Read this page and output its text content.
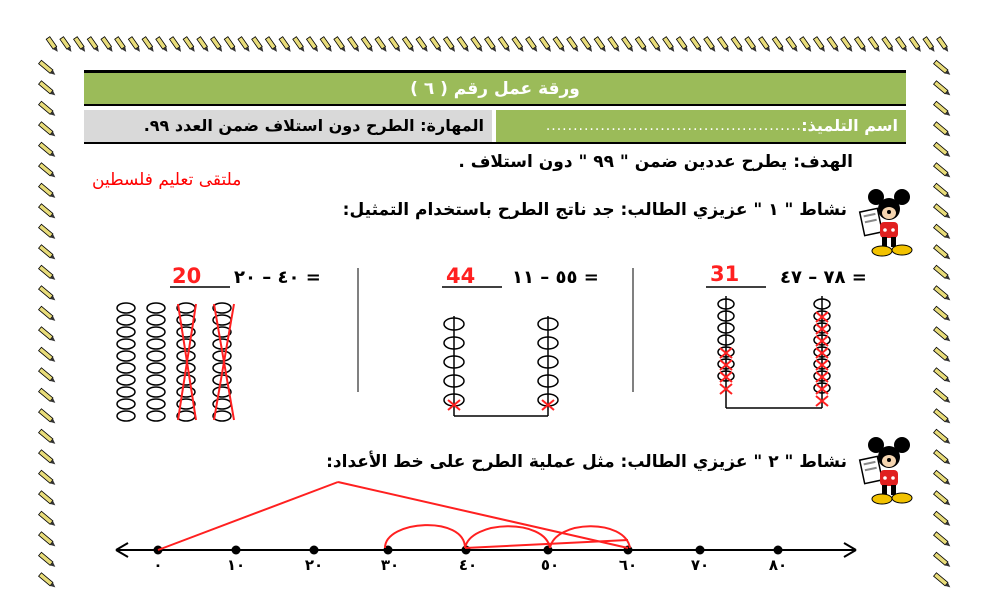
ورقة عمل رقم ( ٦ )
اسم التلميذ:
...............................................
المهارة: الطرح دون استلاف ضمن العدد ٩٩.
الهدف: يطرح عددين ضمن " ٩٩ " دون استلاف .
ملتقى تعليم فلسطين
نشاط " ١ " عزيزي الطالب: جد ناتج الطرح باستخدام التمثيل:
٧٨ – ٤٧ =
٥٥ – ١١ =
٤٠ – ٢٠ =	31
44
20
نشاط " ٢ " عزيزي الطالب: مثل عملية الطرح على خط الأعداد:
٠	١٠	٢٠	٣٠	٤٠	٥٠	٦٠	٧٠	٨٠
